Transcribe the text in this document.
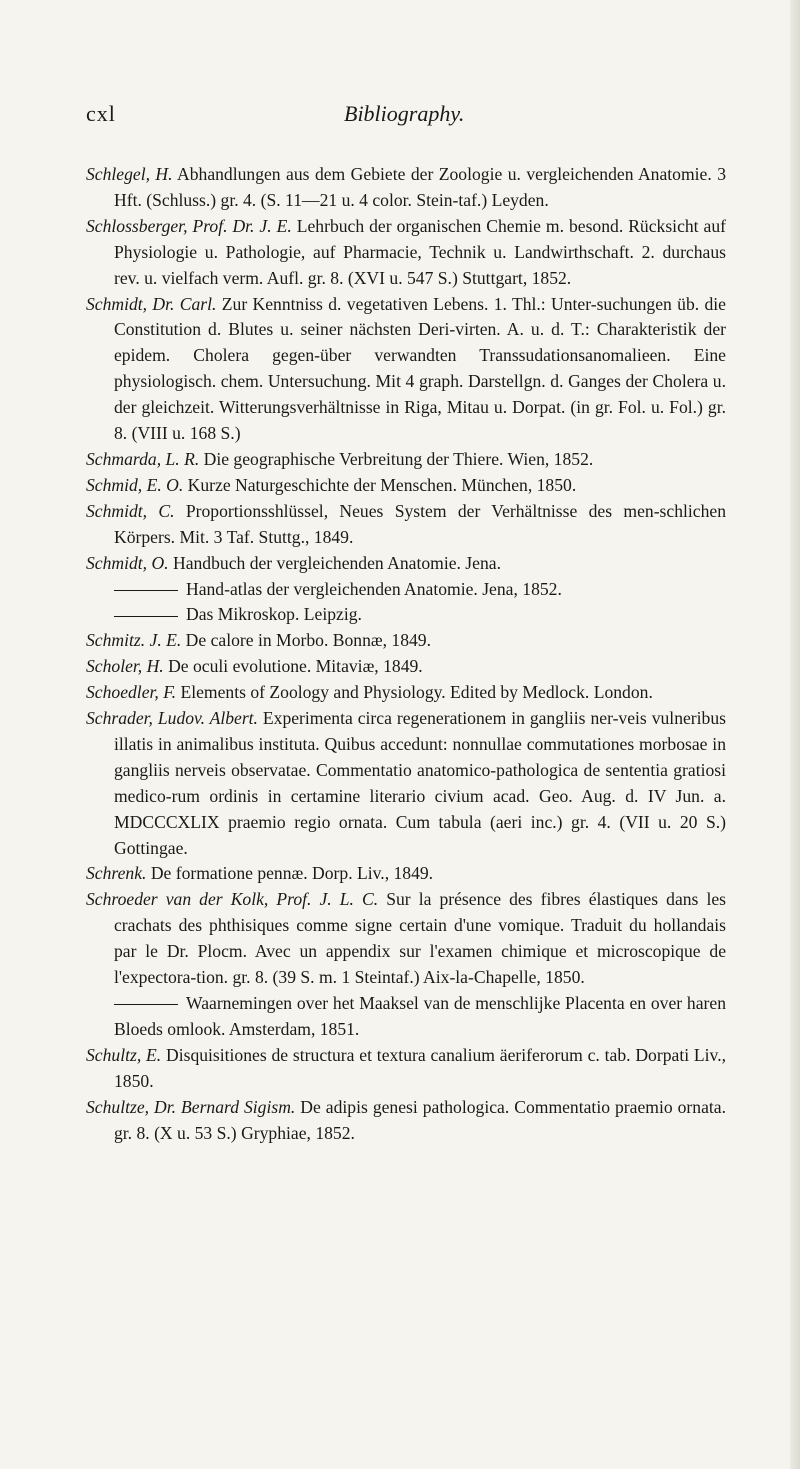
cxl	Bibliography.

Schlegel, H. Abhandlungen aus dem Gebiete der Zoologie u. vergleichenden Anatomie. 3 Hft. (Schluss.) gr. 4. (S. 11—21 u. 4 color. Stein-taf.) Leyden.

Schlossberger, Prof. Dr. J. E. Lehrbuch der organischen Chemie m. besond. Rücksicht auf Physiologie u. Pathologie, auf Pharmacie, Technik u. Landwirthschaft. 2. durchaus rev. u. vielfach verm. Aufl. gr. 8. (XVI u. 547 S.) Stuttgart, 1852.

Schmidt, Dr. Carl. Zur Kenntniss d. vegetativen Lebens. 1. Thl.: Unter-suchungen üb. die Constitution d. Blutes u. seiner nächsten Deri-virten. A. u. d. T.: Charakteristik der epidem. Cholera gegen-über verwandten Transsudationsanomalieen. Eine physiologisch. chem. Untersuchung. Mit 4 graph. Darstellgn. d. Ganges der Cholera u. der gleichzeit. Witterungsverhältnisse in Riga, Mitau u. Dorpat. (in gr. Fol. u. Fol.) gr. 8. (VIII u. 168 S.)

Schmarda, L. R. Die geographische Verbreitung der Thiere. Wien, 1852.

Schmid, E. O. Kurze Naturgeschichte der Menschen. München, 1850.

Schmidt, C. Proportionsshlüssel, Neues System der Verhältnisse des men-schlichen Körpers. Mit. 3 Taf. Stuttg., 1849.

Schmidt, O. Handbuch der vergleichenden Anatomie. Jena.

Hand-atlas der vergleichenden Anatomie. Jena, 1852.

Das Mikroskop. Leipzig.

Schmitz. J. E. De calore in Morbo. Bonnæ, 1849.

Scholer, H. De oculi evolutione. Mitaviæ, 1849.

Schoedler, F. Elements of Zoology and Physiology. Edited by Medlock. London.

Schrader, Ludov. Albert. Experimenta circa regenerationem in gangliis ner-veis vulneribus illatis in animalibus instituta. Quibus accedunt: nonnullae commutationes morbosae in gangliis nerveis observatae. Commentatio anatomico-pathologica de sententia gratiosi medico-rum ordinis in certamine literario civium acad. Geo. Aug. d. IV Jun. a. MDCCCXLIX praemio regio ornata. Cum tabula (aeri inc.) gr. 4. (VII u. 20 S.) Gottingae.

Schrenk. De formatione pennæ. Dorp. Liv., 1849.

Schroeder van der Kolk, Prof. J. L. C. Sur la présence des fibres élastiques dans les crachats des phthisiques comme signe certain d'une vomique. Traduit du hollandais par le Dr. Plocm. Avec un appendix sur l'examen chimique et microscopique de l'expectora-tion. gr. 8. (39 S. m. 1 Steintaf.) Aix-la-Chapelle, 1850.

Waarnemingen over het Maaksel van de menschlijke Placenta en over haren Bloeds omlook. Amsterdam, 1851.

Schultz, E. Disquisitiones de structura et textura canalium äeriferorum c. tab. Dorpati Liv., 1850.

Schultze, Dr. Bernard Sigism. De adipis genesi pathologica. Commentatio praemio ornata. gr. 8. (X u. 53 S.) Gryphiae, 1852.
